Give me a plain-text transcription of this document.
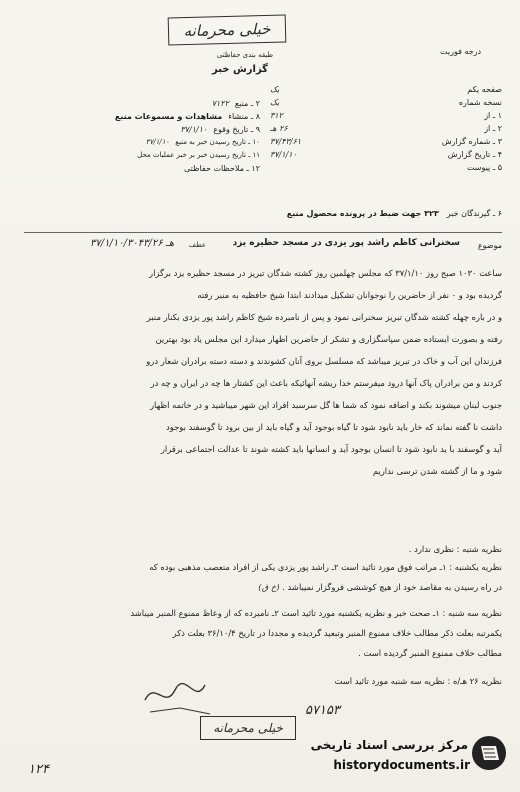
خیلی محرمانه
طبقه بندی حفاظتی	درجه فوریت
گزارش خبر
صفحه یکم
یک
نسخه شماره
یک
۱ ـ از
۳۱۲
۲ ـ از
۲۶ هـ
۳ ـ شماره گزارش
۳۷/۴۳/۶۱
۴ ـ تاریخ گزارش
۳۷/۱/۱۰
۵ ـ پیوست
۲ ـ منبع
۷۱۲۲
۸ ـ منشاء
مشاهدات و مسموعات منبع
۹ ـ تاریخ وقوع
۳۷/۱/۱۰
۱۰ ـ تاریخ رسیدن خبر به منبع
۳۷/۱/۱۰
۱۱ ـ تاریخ رسیدن خبر بر خبر عملیات محل
۱۲ ـ ملاحظات حفاظتی
۶ ـ گیرندگان خبر
۳۲۳ جهت ضبط در پرونده محصول منبع
موضوع
سخنرانی کاظم راشد پور یزدی در مسجد حظیره یزد
عطف
۳۷/۱/۱۰/۳۰۴۳/۲۶ هـ
ساعت ۱۰۳۰ صبح روز ۳۷/۱/۱۰ که مجلس چهلمین روز کشته شدگان تبریز در مسجد حظیره یزد برگزار
گردیده بود و ۰ نفر از حاضرین را نوجوانان تشکیل میدادند ابتدا شیخ حافظیه به منبر رفته
و در باره چهله کشته شدگان تبریز سخنرانی نمود و پس از نامبرده شیخ کاظم راشد پور یزدی بکنار منبر
رفته و بصورت ایستاده ضمن سپاسگزاری و تشکر از حاضرین اظهار میدارد این مجلس یاد بود بهترین
فرزندان این آب و خاک در تبریز میباشد که مسلسل بروی آنان کشوندند و دسته دسته برادران شعار درو
کردند و من برادران پاک آنها درود میفرستم خدا ریشه آنهائیکه باعث این کشتار ها چه در ایران و چه در
جنوب لبنان میشوند بکند و اضافه نمود که شما ها گل سرسبد افراد این شهر میباشید و در خاتمه اظهار
داشت نا گفته نماند که خار باید نابود شود تا گیاه بوجود آید و گیاه باید از بین برود تا گوسفند بوجود
آید و گوسفند با ید نابود شود تا انسان بوجود آید و انسانها باید کشته شوند تا عدالت اجتماعی برقرار
شود و ما از گشته شدن ترسی نداریم
نظریه شنبه : نظری ندارد .
نظریه یکشنبه : ۱ـ مراتب فوق مورد تائید است ۲ـ راشد پور یزدی یکی از افراد متعصب مذهبی بوده که
در راه رسیدن به مقاصد خود از هیچ کوششی فروگزار نمیباشد . (خ ق)
نظریه سه شنبه : ۱ـ صحت خبر و نظریه یکشنبه مورد تائید است ۲ـ نامبرده که از وعاظ ممنوع المنبر میباشد
یکمرتبه بعلت ذکر مطالب خلاف ممنوع المنبر وتبعید گردیده و مجددا در تاریخ ۳۶/۱۰/۴ بعلت ذکر
مطالب خلاف ممنوع المنبر گردیده است .
نظریه ۲۶ هـ/ه : نظریه سه شنبه مورد تائید است
خیلی محرمانه
۵۷۱۵۳
۱۲۴
مرکز بررسی اسناد تاریخی
historydocuments.ir
